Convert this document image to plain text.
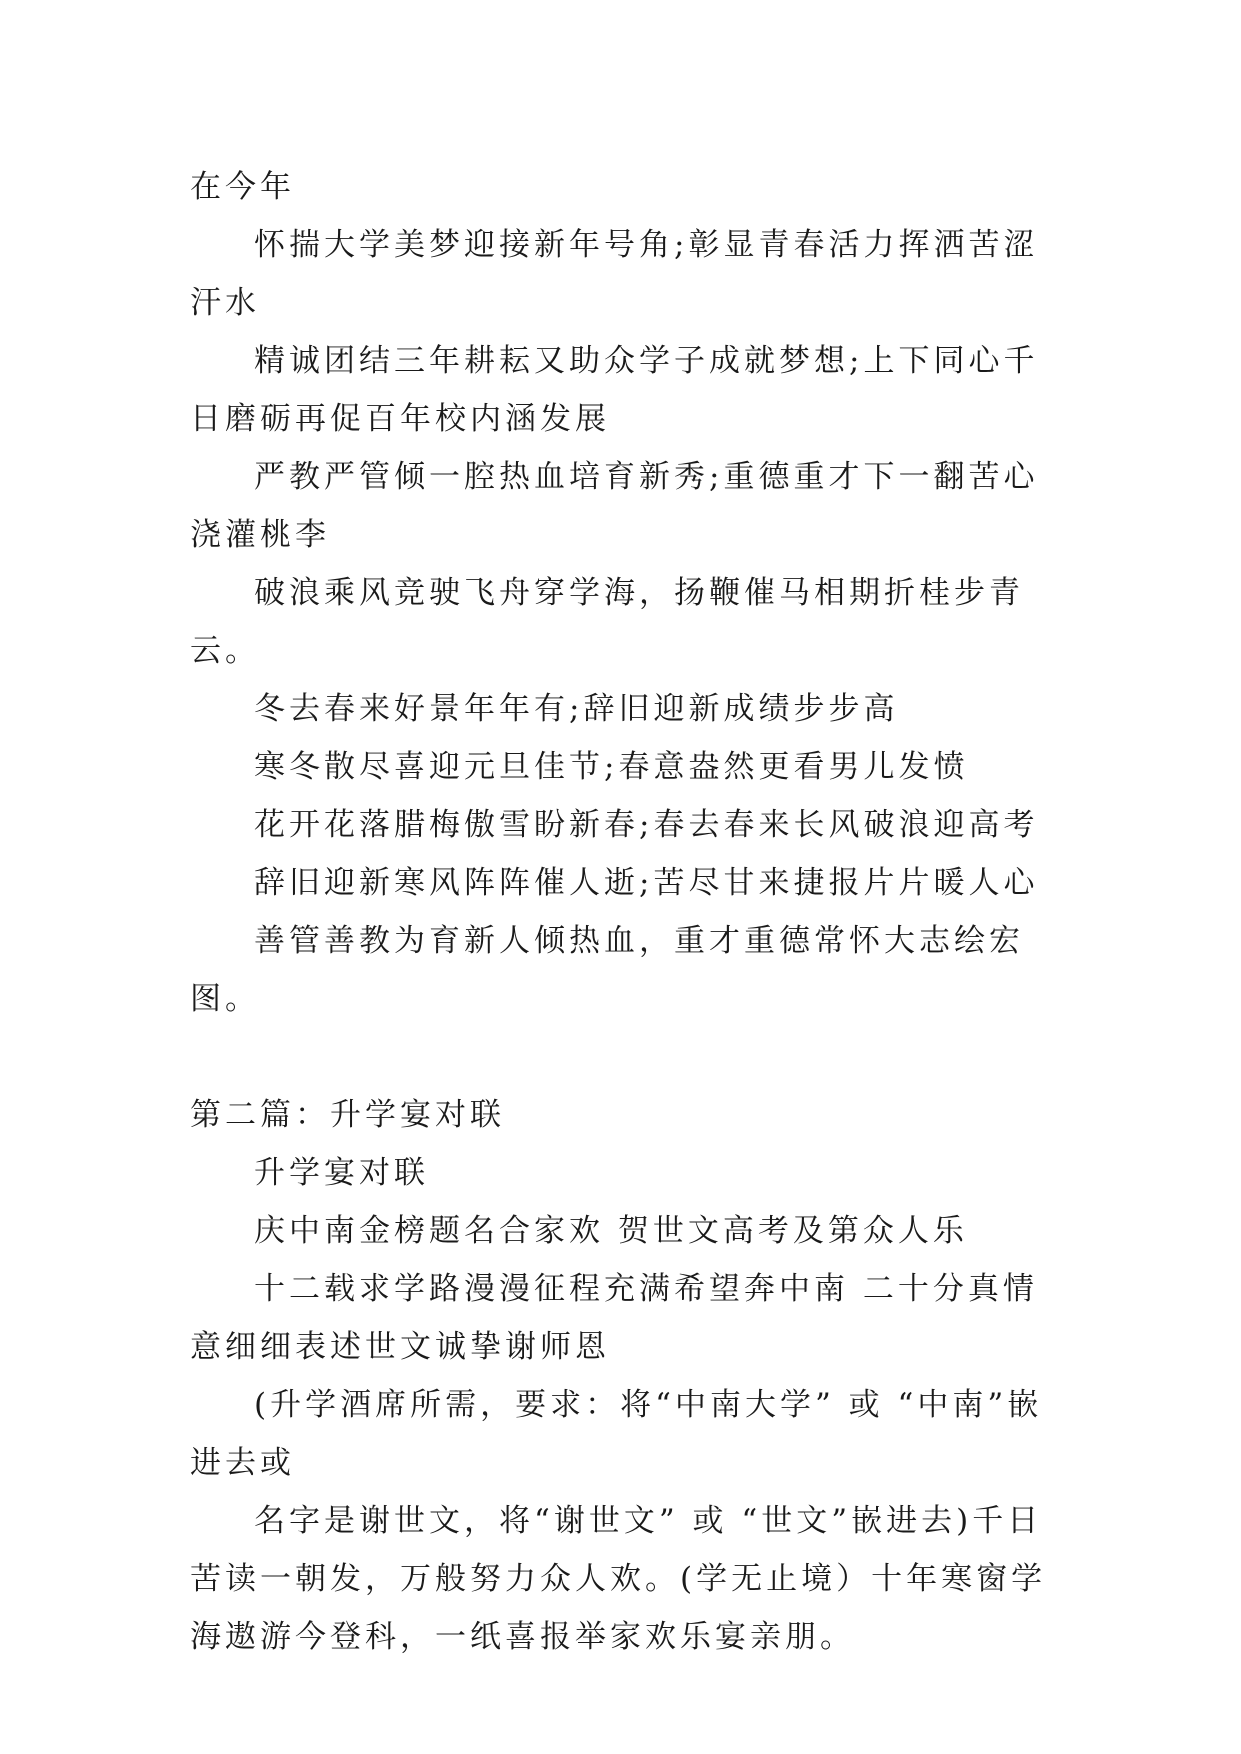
在今年

怀揣大学美梦迎接新年号角;彰显青春活力挥洒苦涩汗水

精诚团结三年耕耘又助众学子成就梦想;上下同心千日磨砺再促百年校内涵发展

严教严管倾一腔热血培育新秀;重德重才下一翻苦心浇灌桃李

破浪乘风竞驶飞舟穿学海，扬鞭催马相期折桂步青云。

冬去春来好景年年有;辞旧迎新成绩步步高

寒冬散尽喜迎元旦佳节;春意盎然更看男儿发愤

花开花落腊梅傲雪盼新春;春去春来长风破浪迎高考

辞旧迎新寒风阵阵催人逝;苦尽甘来捷报片片暖人心

善管善教为育新人倾热血，重才重德常怀大志绘宏图。

第二篇：升学宴对联

升学宴对联

庆中南金榜题名合家欢 贺世文高考及第众人乐

十二载求学路漫漫征程充满希望奔中南 二十分真情意细细表述世文诚挚谢师恩

(升学酒席所需，要求：将“中南大学” 或 “中南”嵌进去或

名字是谢世文，将“谢世文” 或 “世文”嵌进去)千日苦读一朝发，万般努力众人欢。(学无止境）十年寒窗学海遨游今登科，一纸喜报举家欢乐宴亲朋。
